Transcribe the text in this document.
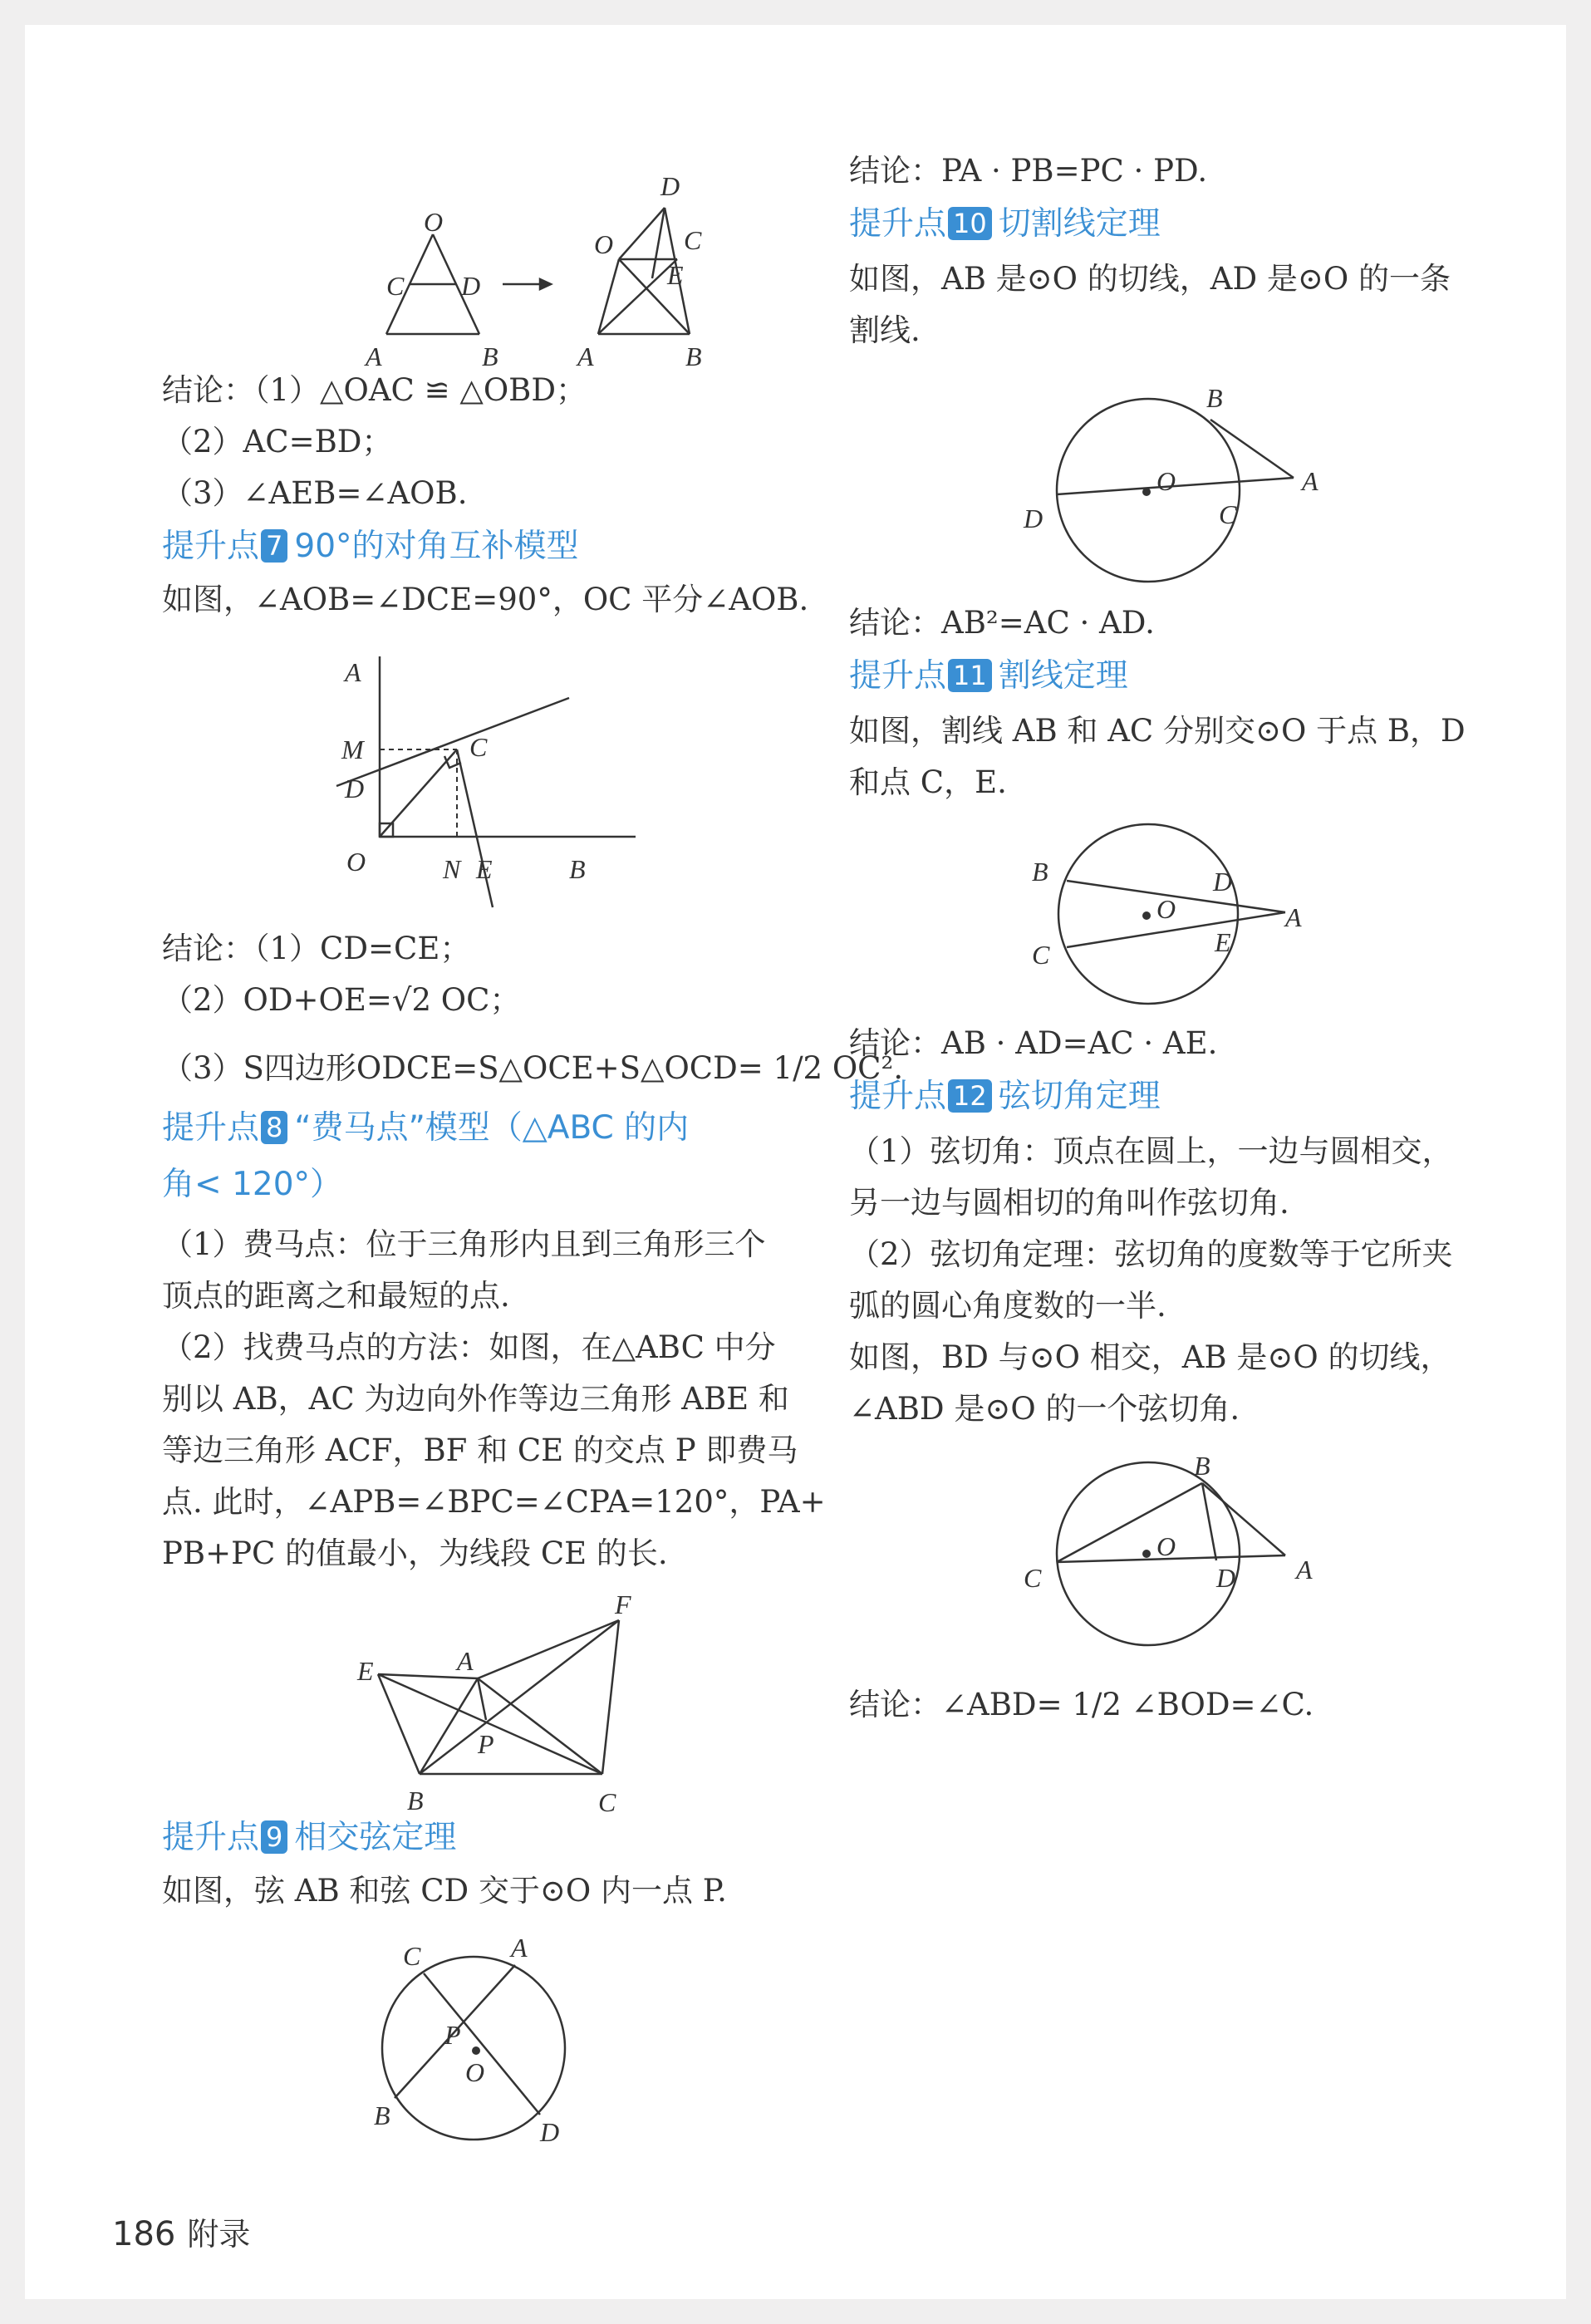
O
C D
A	B
D
O	C
E
A	B
结论：（1）△OAC ≌ △OBD；
（2）AC=BD；
（3）∠AEB=∠AOB.
提升点 7 90°的对角互补模型
如图，∠AOB=∠DCE=90°，OC 平分∠AOB.
A
M
D
C
O	N E	B
结论：（1）CD=CE；
（2）OD+OE=√2 OC；
（3）S四边形ODCE=S△OCE+S△OCD= 1/2 OC².
提升点 8 “费马点”模型（△ABC 的内
角< 120°）
（1）费马点：位于三角形内且到三角形三个
顶点的距离之和最短的点.
（2）找费马点的方法：如图，在△ABC 中分
别以 AB，AC 为边向外作等边三角形 ABE 和
等边三角形 ACF，BF 和 CE 的交点 P 即费马
点. 此时，∠APB=∠BPC=∠CPA=120°，PA+
PB+PC 的值最小，为线段 CE 的长.
E	A
F
P
B	C
提升点 9 相交弦定理
如图，弦 AB 和弦 CD 交于⊙O 内一点 P.
C	A
P
O
B
D
结论：PA · PB=PC · PD.
提升点 10 切割线定理
如图，AB 是⊙O 的切线，AD 是⊙O 的一条
割线.
B
O
D	C
A
结论：AB²=AC · AD.
提升点 11 割线定理
如图，割线 AB 和 AC 分别交⊙O 于点 B，D
和点 C，E.
B	D
O	A
C	E
结论：AB · AD=AC · AE.
提升点 12 弦切角定理
（1）弦切角：顶点在圆上，一边与圆相交，
另一边与圆相切的角叫作弦切角.
（2）弦切角定理：弦切角的度数等于它所夹
弧的圆心角度数的一半.
如图，BD 与⊙O 相交，AB 是⊙O 的切线，
∠ABD 是⊙O 的一个弦切角.
B
O
C	D A
结论：∠ABD= 1/2 ∠BOD=∠C.
186 附录
